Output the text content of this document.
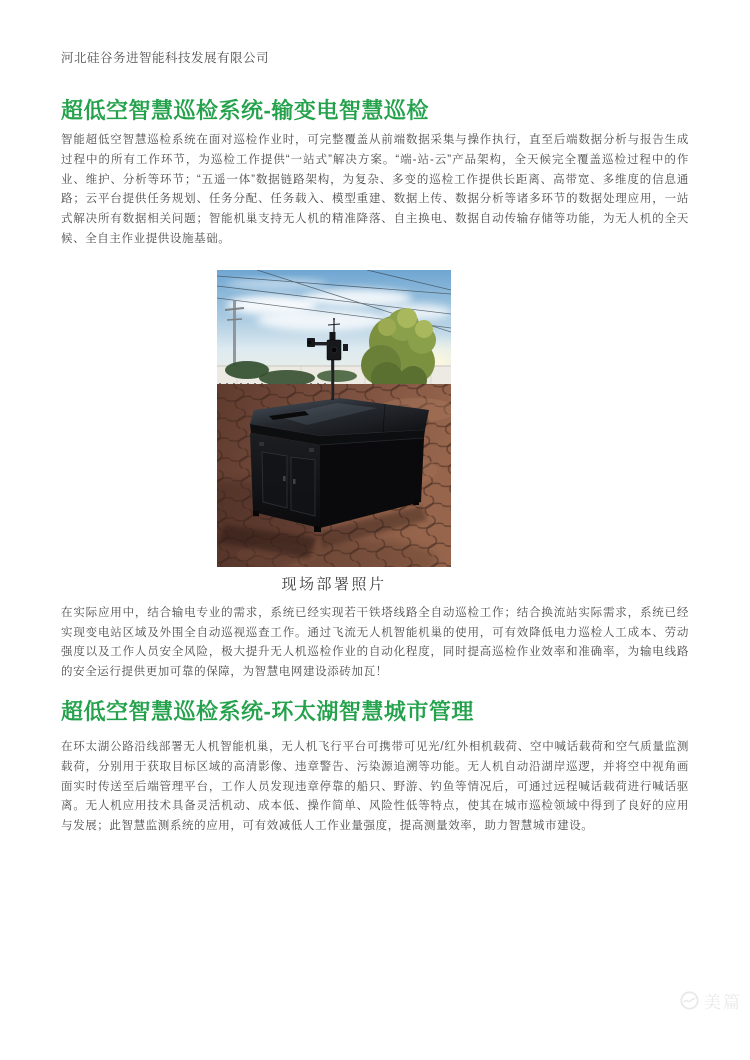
河北硅谷务进智能科技发展有限公司
超低空智慧巡检系统-输变电智慧巡检

智能超低空智慧巡检系统在面对巡检作业时，可完整覆盖从前端数据采集与操作执行，直至后端数据分析与报告生成过程中的所有工作环节，为巡检工作提供“一站式”解决方案。“端-站-云”产品架构，全天候完全覆盖巡检过程中的作业、维护、分析等环节；“五遥一体”数据链路架构，为复杂、多变的巡检工作提供长距离、高带宽、多维度的信息通路；云平台提供任务规划、任务分配、任务载入、模型重建、数据上传、数据分析等诸多环节的数据处理应用，一站式解决所有数据相关问题；智能机巢支持无人机的精准降落、自主换电、数据自动传输存储等功能，为无人机的全天候、全自主作业提供设施基础。

现场部署照片

在实际应用中，结合输电专业的需求，系统已经实现若干铁塔线路全自动巡检工作；结合换流站实际需求，系统已经实现变电站区域及外围全自动巡视巡查工作。通过飞流无人机智能机巢的使用，可有效降低电力巡检人工成本、劳动强度以及工作人员安全风险，极大提升无人机巡检作业的自动化程度，同时提高巡检作业效率和准确率，为输电线路的安全运行提供更加可靠的保障，为智慧电网建设添砖加瓦！

超低空智慧巡检系统-环太湖智慧城市管理

在环太湖公路沿线部署无人机智能机巢，无人机飞行平台可携带可见光/红外相机载荷、空中喊话载荷和空气质量监测载荷，分别用于获取目标区域的高清影像、违章警告、污染源追溯等功能。无人机自动沿湖岸巡逻，并将空中视角画面实时传送至后端管理平台，工作人员发现违章停靠的船只、野游、钓鱼等情况后，可通过远程喊话载荷进行喊话驱离。无人机应用技术具备灵活机动、成本低、操作简单、风险性低等特点，使其在城市巡检领域中得到了良好的应用与发展；此智慧监测系统的应用，可有效减低人工作业量强度，提高测量效率，助力智慧城市建设。

美篇
